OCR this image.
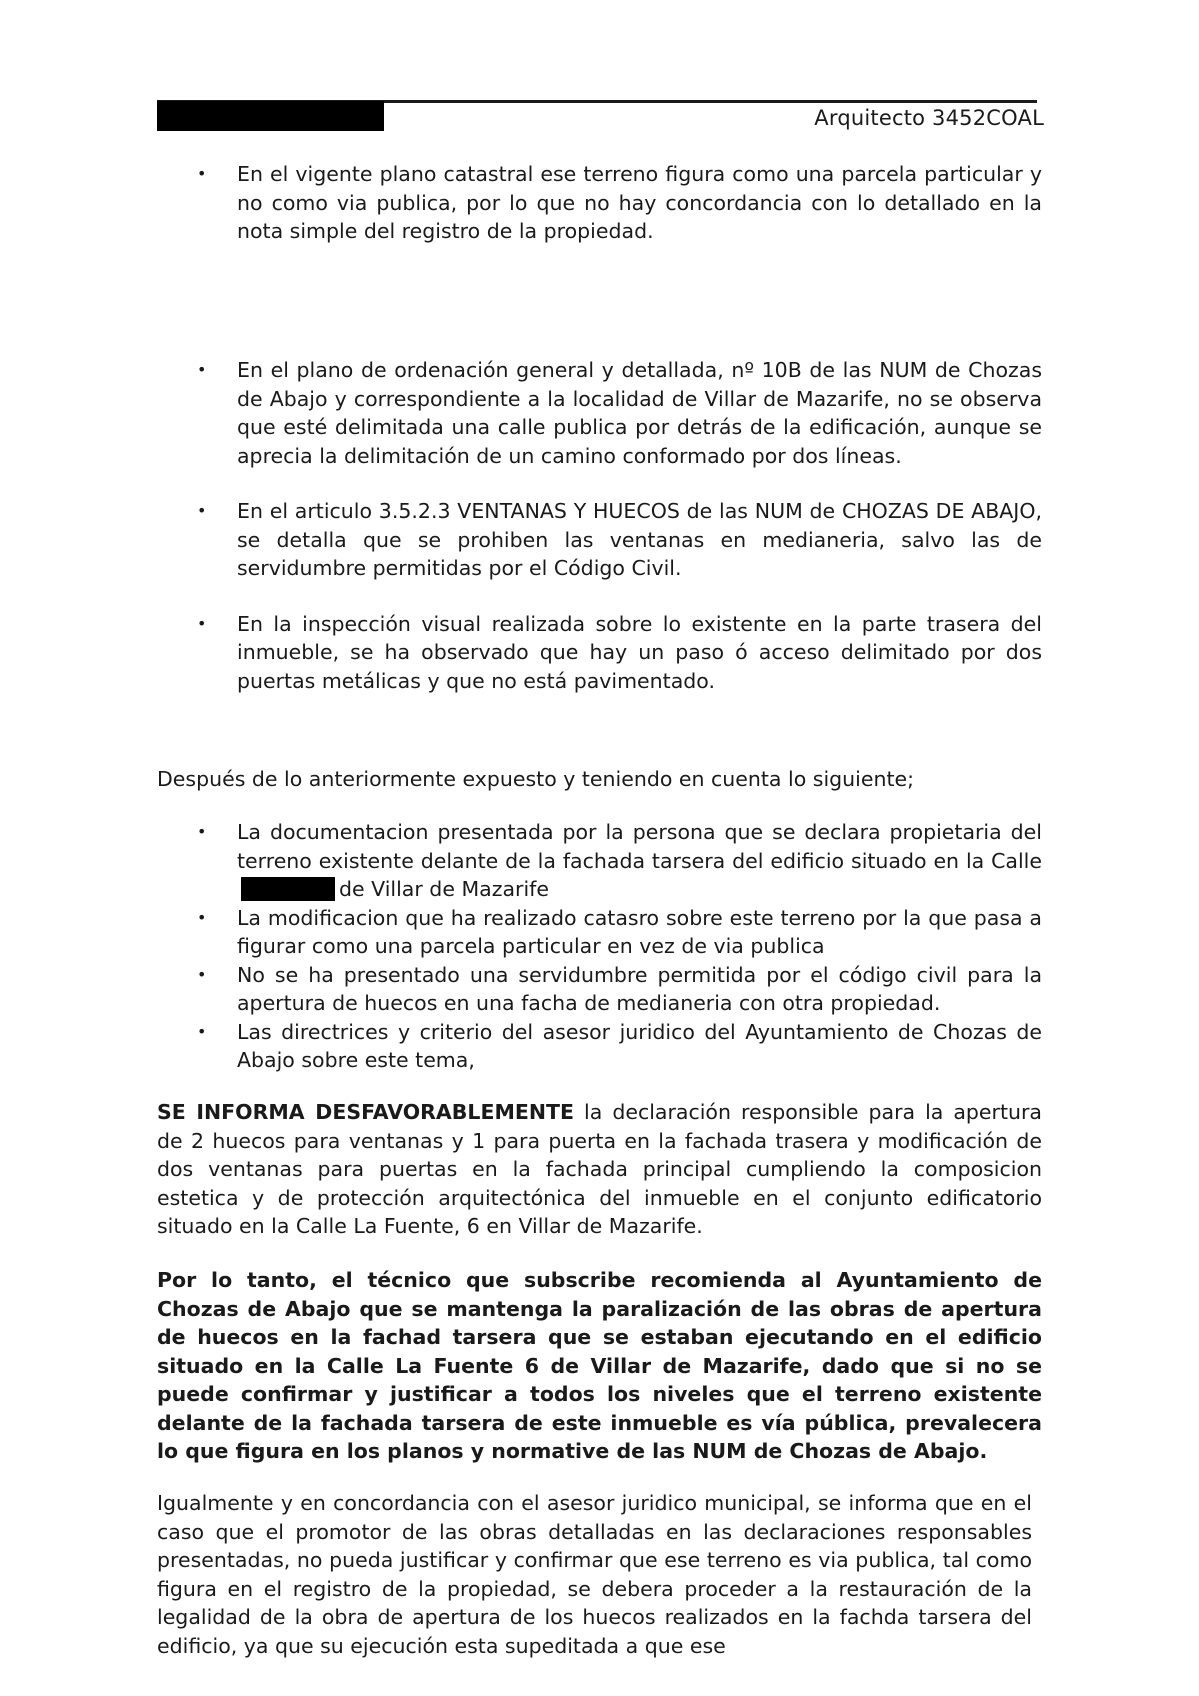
Arquitecto 3452COAL
• En el vigente plano catastral ese terreno figura como una parcela particular y no como via publica, por lo que no hay concordancia con lo detallado en la nota simple del registro de la propiedad.
• En el plano de ordenación general y detallada, nº 10B de las NUM de Chozas de Abajo y correspondiente a la localidad de Villar de Mazarife, no se observa que esté delimitada una calle publica por detrás de la edificación, aunque se aprecia la delimitación de un camino conformado por dos líneas.
• En el articulo 3.5.2.3 VENTANAS Y HUECOS de las NUM de CHOZAS DE ABAJO, se detalla que se prohiben las ventanas en medianeria, salvo las de servidumbre permitidas por el Código Civil.
• En la inspección visual realizada sobre lo existente en la parte trasera del inmueble, se ha observado que hay un paso ó acceso delimitado por dos puertas metálicas y que no está pavimentado.

Después de lo anteriormente expuesto y teniendo en cuenta lo siguiente;

• La documentacion presentada por la persona que se declara propietaria del terreno existente delante de la fachada tarsera del edificio situado en la Callede Villar de Mazarife
• La modificacion que ha realizado catasro sobre este terreno por la que pasa a figurar como una parcela particular en vez de via publica
• No se ha presentado una servidumbre permitida por el código civil para la apertura de huecos en una facha de medianeria con otra propiedad.
• Las directrices y criterio del asesor juridico del Ayuntamiento de Chozas de Abajo sobre este tema,

SE INFORMA DESFAVORABLEMENTE la declaración responsible para la apertura de 2 huecos para ventanas y 1 para puerta en la fachada trasera y modificación de dos ventanas para puertas en la fachada principal cumpliendo la composicion estetica y de protección arquitectónica del inmueble en el conjunto edificatorio situado en la Calle La Fuente, 6 en Villar de Mazarife.

Por lo tanto, el técnico que subscribe recomienda al Ayuntamiento de Chozas de Abajo que se mantenga la paralización de las obras de apertura de huecos en la fachad tarsera que se estaban ejecutando en el edificio situado en la Calle La Fuente 6 de Villar de Mazarife, dado que si no se puede confirmar y justificar a todos los niveles que el terreno existente delante de la fachada tarsera de este inmueble es vía pública, prevalecera lo que figura en los planos y normative de las NUM de Chozas de Abajo.

Igualmente y en concordancia con el asesor juridico municipal, se informa que en el caso que el promotor de las obras detalladas en las declaraciones responsables presentadas, no pueda justificar y confirmar que ese terreno es via publica, tal como figura en el registro de la propiedad, se debera proceder a la restauración de la legalidad de la obra de apertura de los huecos realizados en la fachda tarsera del edificio, ya que su ejecución esta supeditada a que ese
